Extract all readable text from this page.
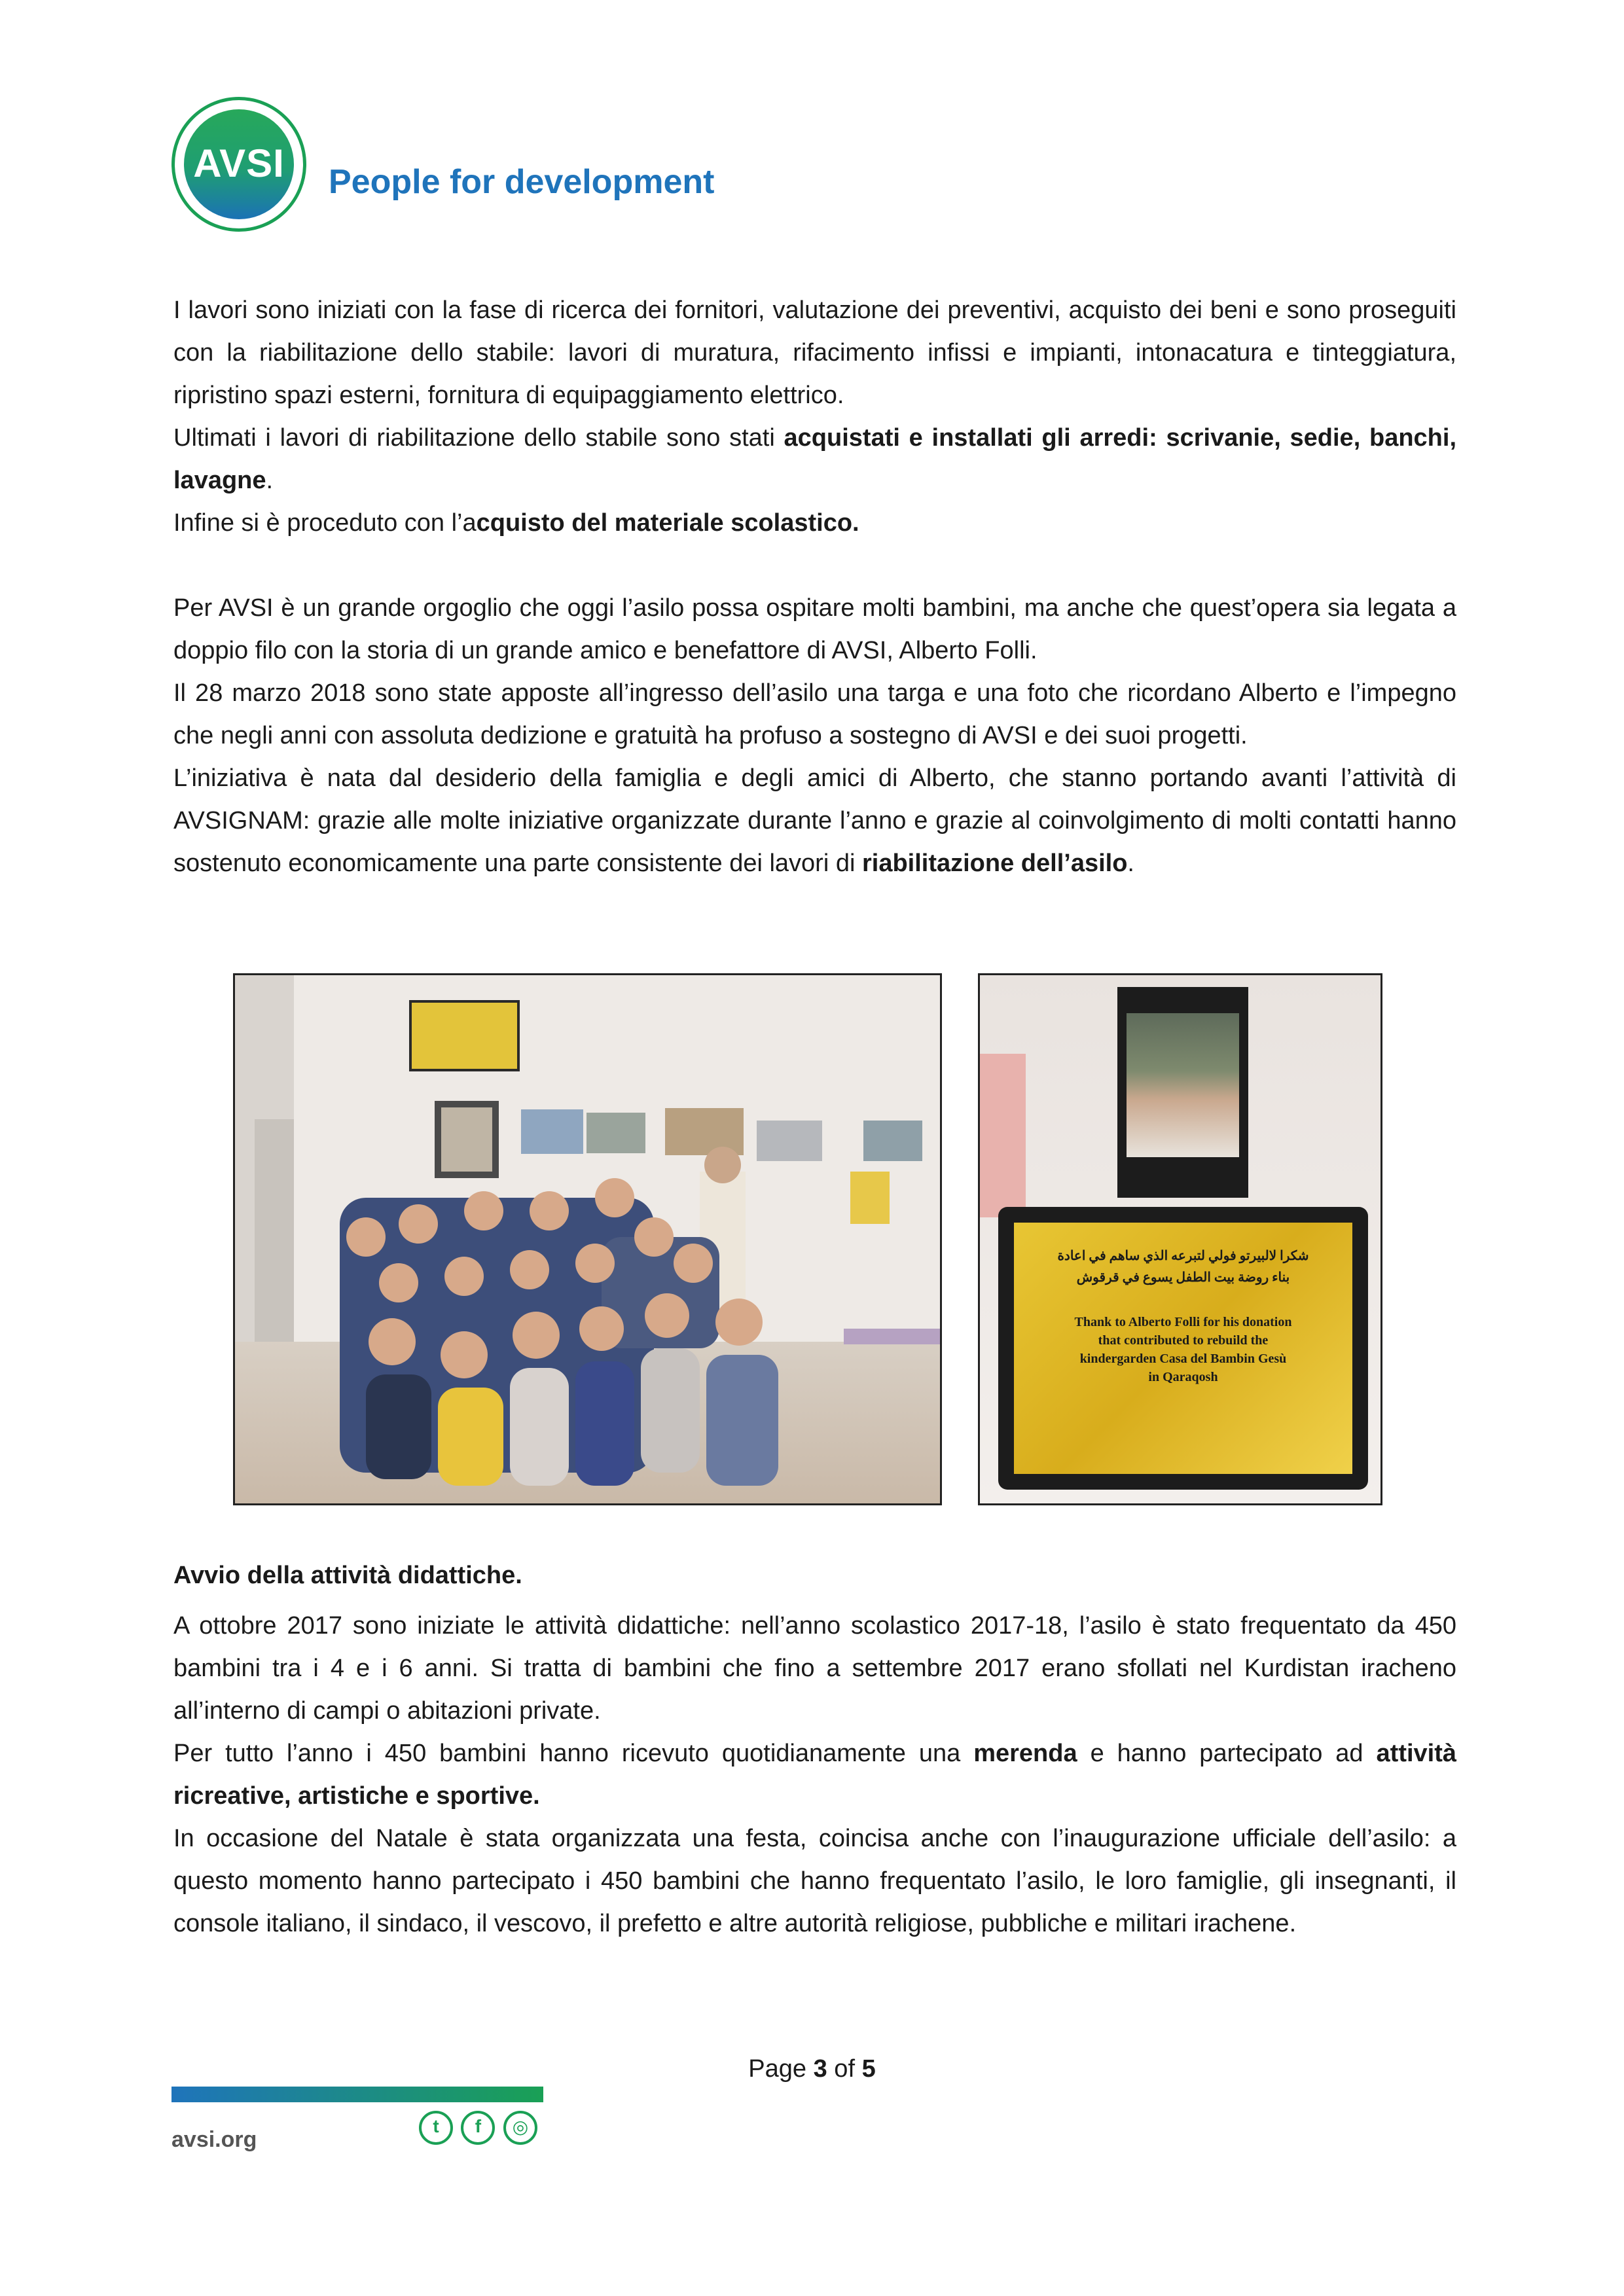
AVSI	People for development

I lavori sono iniziati con la fase di ricerca dei fornitori, valutazione dei preventivi, acquisto dei beni e sono proseguiti con la riabilitazione dello stabile: lavori di muratura, rifacimento infissi e impianti, intonacatura e tinteggiatura, ripristino spazi esterni, fornitura di equipaggiamento elettrico.

Ultimati i lavori di riabilitazione dello stabile sono stati acquistati e installati gli arredi: scrivanie, sedie, banchi, lavagne.

Infine si è proceduto con l’acquisto del materiale scolastico.

Per AVSI è un grande orgoglio che oggi l’asilo possa ospitare molti bambini, ma anche che quest’opera sia legata a doppio filo con la storia di un grande amico e benefattore di AVSI, Alberto Folli.

Il 28 marzo 2018 sono state apposte all’ingresso dell’asilo una targa e una foto che ricordano Alberto e l’impegno che negli anni con assoluta dedizione e gratuità ha profuso a sostegno di AVSI e dei suoi progetti.

L’iniziativa è nata dal desiderio della famiglia e degli amici di Alberto, che stanno portando avanti l’attività di AVSIGNAM: grazie alle molte iniziative organizzate durante l’anno e grazie al coinvolgimento di molti contatti hanno sostenuto economicamente una parte consistente dei lavori di riabilitazione dell’asilo.

شكرا لالبيرتو فولي لتبرعه الذي ساهم في اعادة
بناء روضة بيت الطفل يسوع في قرقوش
Thank to Alberto Folli for his donation
that contributed to rebuild the
kindergarden Casa del Bambin Gesù
in Qaraqosh
Avvio della attività didattiche.

A ottobre 2017 sono iniziate le attività didattiche: nell’anno scolastico 2017-18, l’asilo è stato frequentato da 450 bambini tra i 4 e i 6 anni. Si tratta di bambini che fino a settembre 2017 erano sfollati nel Kurdistan iracheno all’interno di campi o abitazioni private.

Per tutto l’anno i 450 bambini hanno ricevuto quotidianamente una merenda e hanno partecipato ad attività ricreative, artistiche e sportive.

In occasione del Natale è stata organizzata una festa, coincisa anche con l’inaugurazione ufficiale dell’asilo: a questo momento hanno partecipato i 450 bambini che hanno frequentato l’asilo, le loro famiglie, gli insegnanti, il console italiano, il sindaco, il vescovo, il prefetto e altre autorità religiose, pubbliche e militari irachene.

Page 3 of 5
avsi.org
t
	f
	◎
